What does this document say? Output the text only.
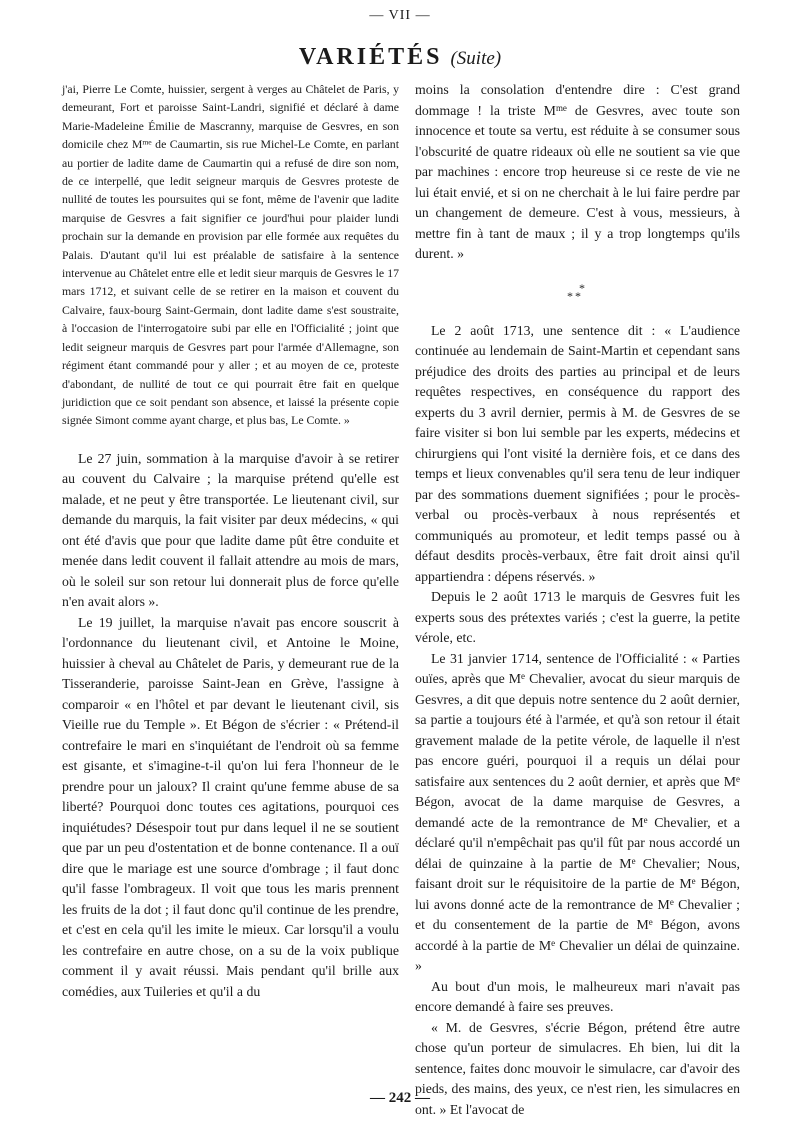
— VII —
VARIÉTÉS (Suite)

j'ai, Pierre Le Comte, huissier, sergent à verges au Châtelet de Paris, y demeurant, Fort et paroisse Saint-Landri, signifié et déclaré à dame Marie-Madeleine Émilie de Mascranny, marquise de Gesvres, en son domicile chez $M^{me}$ de Caumartin, sis rue Michel-Le Comte, en parlant au portier de ladite dame de Caumartin qui a refusé de dire son nom, de ce interpellé, que ledit seigneur marquis de Gesvres proteste de nullité de toutes les poursuites qui se font, même de l'avenir que ladite marquise de Gesvres a fait signifier ce jourd'hui pour plaider lundi prochain sur la demande en provision par elle formée aux requêtes du Palais. D'autant qu'il lui est préalable de satisfaire à la sentence intervenue au Châtelet entre elle et ledit sieur marquis de Gesvres le 17 mars 1712, et suivant celle de se retirer en la maison et couvent du Calvaire, faux-bourg Saint-Germain, dont ladite dame s'est soustraite, à l'occasion de l'interrogatoire subi par elle en l'Officialité ; joint que ledit seigneur marquis de Gesvres part pour l'armée d'Allemagne, son régiment étant commandé pour y aller ; et au moyen de ce, proteste d'abondant, de nullité de tout ce qui pourrait être fait en quelque juridiction que ce soit pendant son absence, et laissé la présente copie signée Simont comme ayant charge, et plus bas, Le Comte. »

Le 27 juin, sommation à la marquise d'avoir à se retirer au couvent du Calvaire ; la marquise prétend qu'elle est malade, et ne peut y être transportée. Le lieutenant civil, sur demande du marquis, la fait visiter par deux médecins, « qui ont été d'avis que pour que ladite dame pût être conduite et menée dans ledit couvent il fallait attendre au mois de mars, où le soleil sur son retour lui donnerait plus de force qu'elle n'en avait alors ».

Le 19 juillet, la marquise n'avait pas encore souscrit à l'ordonnance du lieutenant civil, et Antoine le Moine, huissier à cheval au Châtelet de Paris, y demeurant rue de la Tisseranderie, paroisse Saint-Jean en Grève, l'assigne à comparoir « en l'hôtel et par devant le lieutenant civil, sis Vieille rue du Temple ». Et Bégon de s'écrier : « Prétend-il contrefaire le mari en s'inquiétant de l'endroit où sa femme est gisante, et s'imagine-t-il qu'on lui fera l'honneur de le prendre pour un jaloux? Il craint qu'une femme abuse de sa liberté? Pourquoi donc toutes ces agitations, pourquoi ces inquiétudes? Désespoir tout pur dans lequel il ne se soutient que par un peu d'ostentation et de bonne contenance. Il a ouï dire que le mariage est une source d'ombrage ; il faut donc qu'il fasse l'ombrageux. Il voit que tous les maris prennent les fruits de la dot ; il faut donc qu'il continue de les prendre, et c'est en cela qu'il les imite le mieux. Car lorsqu'il a voulu les contrefaire en autre chose, on a su de la voix publique comment il y avait réussi. Mais pendant qu'il brille aux comédies, aux Tuileries et qu'il a du

moins la consolation d'entendre dire : C'est grand dommage ! la triste $M^{me}$ de Gesvres, avec toute son innocence et toute sa vertu, est réduite à se consumer sous l'obscurité de quatre rideaux où elle ne soutient sa vie que par machines : encore trop heureuse si ce reste de vie ne lui était envié, et si on ne cherchait à le lui faire perdre par un changement de demeure. C'est à vous, messieurs, à mettre fin à tant de maux ; il y a trop longtemps qu'ils durent. »

*
**

Le 2 août 1713, une sentence dit : « L'audience continuée au lendemain de Saint-Martin et cependant sans préjudice des droits des parties au principal et de leurs requêtes respectives, en conséquence du rapport des experts du 3 avril dernier, permis à M. de Gesvres de se faire visiter si bon lui semble par les experts, médecins et chirurgiens qui l'ont visité la dernière fois, et ce dans des temps et lieux convenables qu'il sera tenu de leur indiquer par des sommations duement signifiées ; pour le procès-verbal ou procès-verbaux à nous représentés et communiqués au promoteur, et ledit temps passé ou à défaut desdits procès-verbaux, être fait droit ainsi qu'il appartiendra : dépens réservés. »

Depuis le 2 août 1713 le marquis de Gesvres fuit les experts sous des prétextes variés ; c'est la guerre, la petite vérole, etc.

Le 31 janvier 1714, sentence de l'Officialité : « Parties ouïes, après que Me Chevalier, avocat du sieur marquis de Gesvres, a dit que depuis notre sentence du 2 août dernier, sa partie a toujours été à l'armée, et qu'à son retour il était gravement malade de la petite vérole, de laquelle il n'est pas encore guéri, pourquoi il a requis un délai pour satisfaire aux sentences du 2 août dernier, et après que Me Bégon, avocat de la dame marquise de Gesvres, a demandé acte de la remontrance de Me Chevalier, et a déclaré qu'il n'empêchait pas qu'il fût par nous accordé un délai de quinzaine à la partie de Me Chevalier; Nous, faisant droit sur le réquisitoire de la partie de Me Bégon, lui avons donné acte de la remontrance de Me Chevalier ; et du consentement de la partie de Me Bégon, avons accordé à la partie de Me Chevalier un délai de quinzaine. »

Au bout d'un mois, le malheureux mari n'avait pas encore demandé à faire ses preuves.

« M. de Gesvres, s'écrie Bégon, prétend être autre chose qu'un porteur de simulacres. Eh bien, lui dit la sentence, faites donc mouvoir le simulacre, car d'avoir des pieds, des mains, des yeux, ce n'est rien, les simulacres en ont. » Et l'avocat de

— 242 —
